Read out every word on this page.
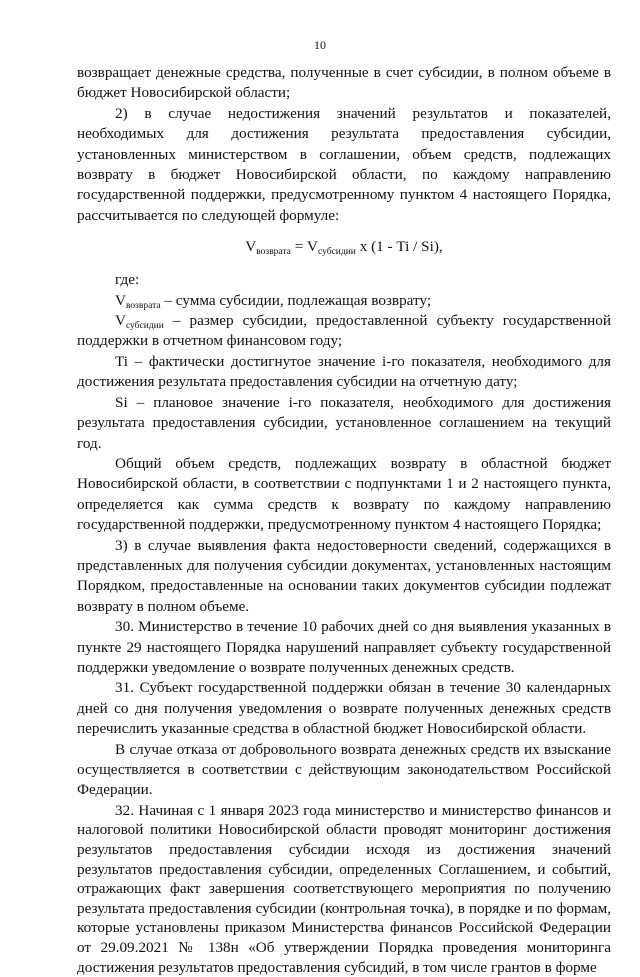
10

возвращает денежные средства, полученные в счет субсидии, в полном объеме в бюджет Новосибирской области;

2) в случае недостижения значений результатов и показателей, необходимых для достижения результата предоставления субсидии, установленных министерством в соглашении, объем средств, подлежащих возврату в бюджет Новосибирской области, по каждому направлению государственной поддержки, предусмотренному пунктом 4 настоящего Порядка, рассчитывается по следующей формуле:

$V_{возврата} = V_{субсидии}$ х (1 - Ti / Si),

где:

$V_{возврата}$ – сумма субсидии, подлежащая возврату;

$V_{субсидии}$ – размер субсидии, предоставленной субъекту государственной поддержки в отчетном финансовом году;

Ti – фактически достигнутое значение i-го показателя, необходимого для достижения результата предоставления субсидии на отчетную дату;

Si – плановое значение i-го показателя, необходимого для достижения результата предоставления субсидии, установленное соглашением на текущий год.

Общий объем средств, подлежащих возврату в областной бюджет Новосибирской области, в соответствии с подпунктами 1 и 2 настоящего пункта, определяется как сумма средств к возврату по каждому направлению государственной поддержки, предусмотренному пунктом 4 настоящего Порядка;

3) в случае выявления факта недостоверности сведений, содержащихся в представленных для получения субсидии документах, установленных настоящим Порядком, предоставленные на основании таких документов субсидии подлежат возврату в полном объеме.

30. Министерство в течение 10 рабочих дней со дня выявления указанных в пункте 29 настоящего Порядка нарушений направляет субъекту государственной поддержки уведомление о возврате полученных денежных средств.

31. Субъект государственной поддержки обязан в течение 30 календарных дней со дня получения уведомления о возврате полученных денежных средств перечислить указанные средства в областной бюджет Новосибирской области.

В случае отказа от добровольного возврата денежных средств их взыскание осуществляется в соответствии с действующим законодательством Российской Федерации.

32. Начиная с 1 января 2023 года министерство и министерство финансов и налоговой политики Новосибирской области проводят мониторинг достижения результатов предоставления субсидии исходя из достижения значений результатов предоставления субсидии, определенных Соглашением, и событий, отражающих факт завершения соответствующего мероприятия по получению результата предоставления субсидии (контрольная точка), в порядке и по формам, которые установлены приказом Министерства финансов Российской Федерации от 29.09.2021 № 138н «Об утверждении Порядка проведения мониторинга достижения результатов предоставления субсидий, в том числе грантов в форме
